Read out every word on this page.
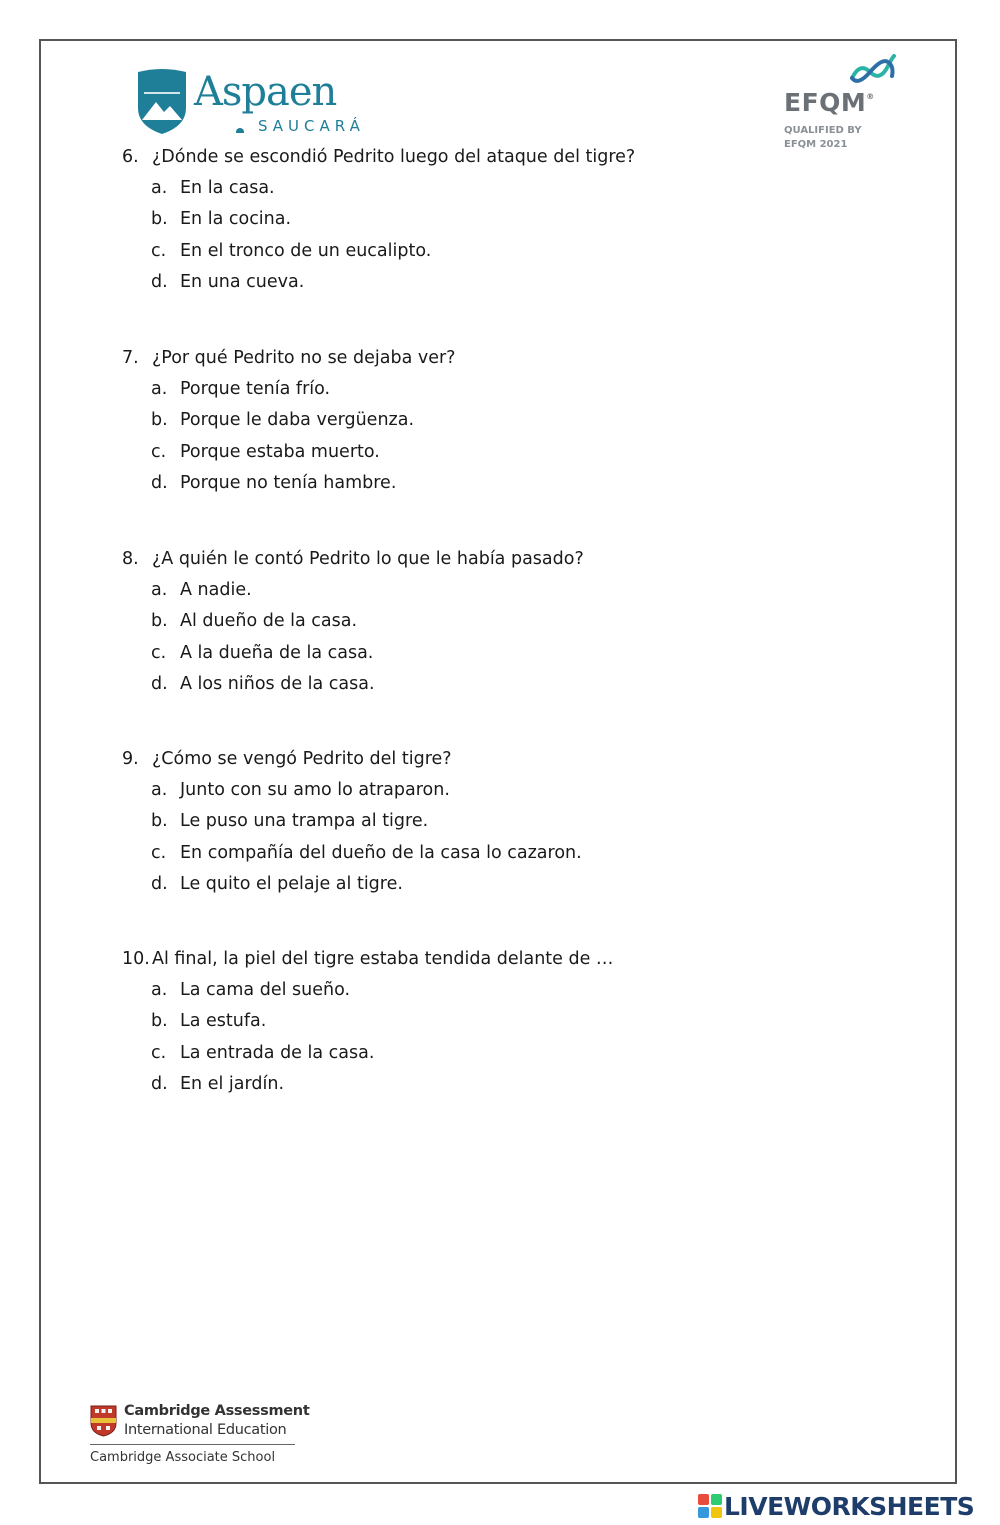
Aspaen
SAUCARÁ
EFQM®
QUALIFIED BY
EFQM 2021
6. ¿Dónde se escondió Pedrito luego del ataque del tigre?
a. En la casa.
b. En la cocina.
c. En el tronco de un eucalipto.
d. En una cueva.
7. ¿Por qué Pedrito no se dejaba ver?
a. Porque tenía frío.
b. Porque le daba vergüenza.
c. Porque estaba muerto.
d. Porque no tenía hambre.
8. ¿A quién le contó Pedrito lo que le había pasado?
a. A nadie.
b. Al dueño de la casa.
c. A la dueña de la casa.
d. A los niños de la casa.
9. ¿Cómo se vengó Pedrito del tigre?
a. Junto con su amo lo atraparon.
b. Le puso una trampa al tigre.
c. En compañía del dueño de la casa lo cazaron.
d. Le quito el pelaje al tigre.
10. Al final, la piel del tigre estaba tendida delante de …
a. La cama del sueño.
b. La estufa.
c. La entrada de la casa.
d. En el jardín.
Cambridge Assessment
International Education
Cambridge Associate School
LIVEWORKSHEETS
